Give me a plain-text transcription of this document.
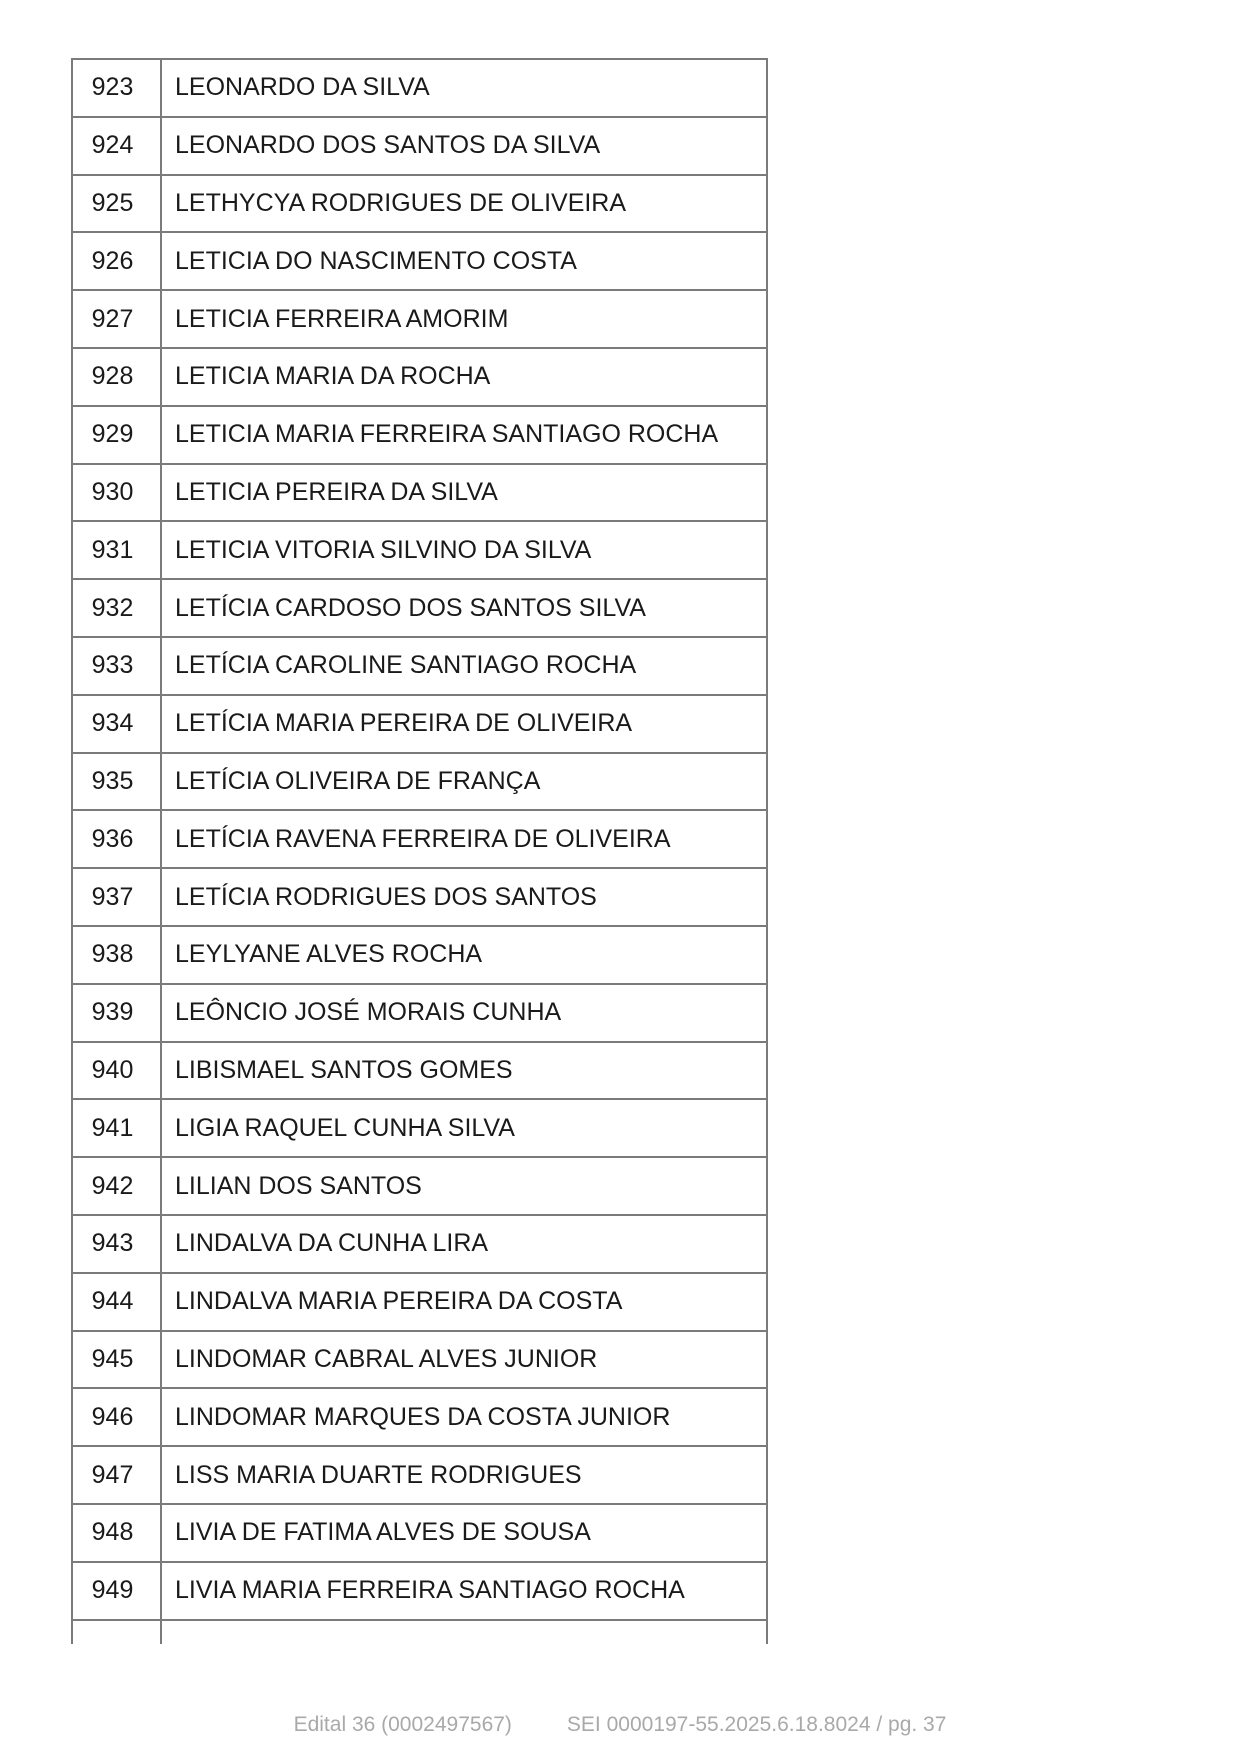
923	LEONARDO DA SILVA
924	LEONARDO DOS SANTOS DA SILVA
925	LETHYCYA RODRIGUES DE OLIVEIRA
926	LETICIA DO NASCIMENTO COSTA
927	LETICIA FERREIRA AMORIM
928	LETICIA MARIA DA ROCHA
929	LETICIA MARIA FERREIRA SANTIAGO ROCHA
930	LETICIA PEREIRA DA SILVA
931	LETICIA VITORIA SILVINO DA SILVA
932	LETÍCIA CARDOSO DOS SANTOS SILVA
933	LETÍCIA CAROLINE SANTIAGO ROCHA
934	LETÍCIA MARIA PEREIRA DE OLIVEIRA
935	LETÍCIA OLIVEIRA DE FRANÇA
936	LETÍCIA RAVENA FERREIRA DE OLIVEIRA
937	LETÍCIA RODRIGUES DOS SANTOS
938	LEYLYANE ALVES ROCHA
939	LEÔNCIO JOSÉ MORAIS CUNHA
940	LIBISMAEL SANTOS GOMES
941	LIGIA RAQUEL CUNHA SILVA
942	LILIAN DOS SANTOS
943	LINDALVA DA CUNHA LIRA
944	LINDALVA MARIA PEREIRA DA COSTA
945	LINDOMAR CABRAL ALVES JUNIOR
946	LINDOMAR MARQUES DA COSTA JUNIOR
947	LISS MARIA DUARTE RODRIGUES
948	LIVIA DE FATIMA ALVES DE SOUSA
949	LIVIA MARIA FERREIRA SANTIAGO ROCHA
Edital 36 (0002497567)	SEI 0000197-55.2025.6.18.8024 / pg. 37
